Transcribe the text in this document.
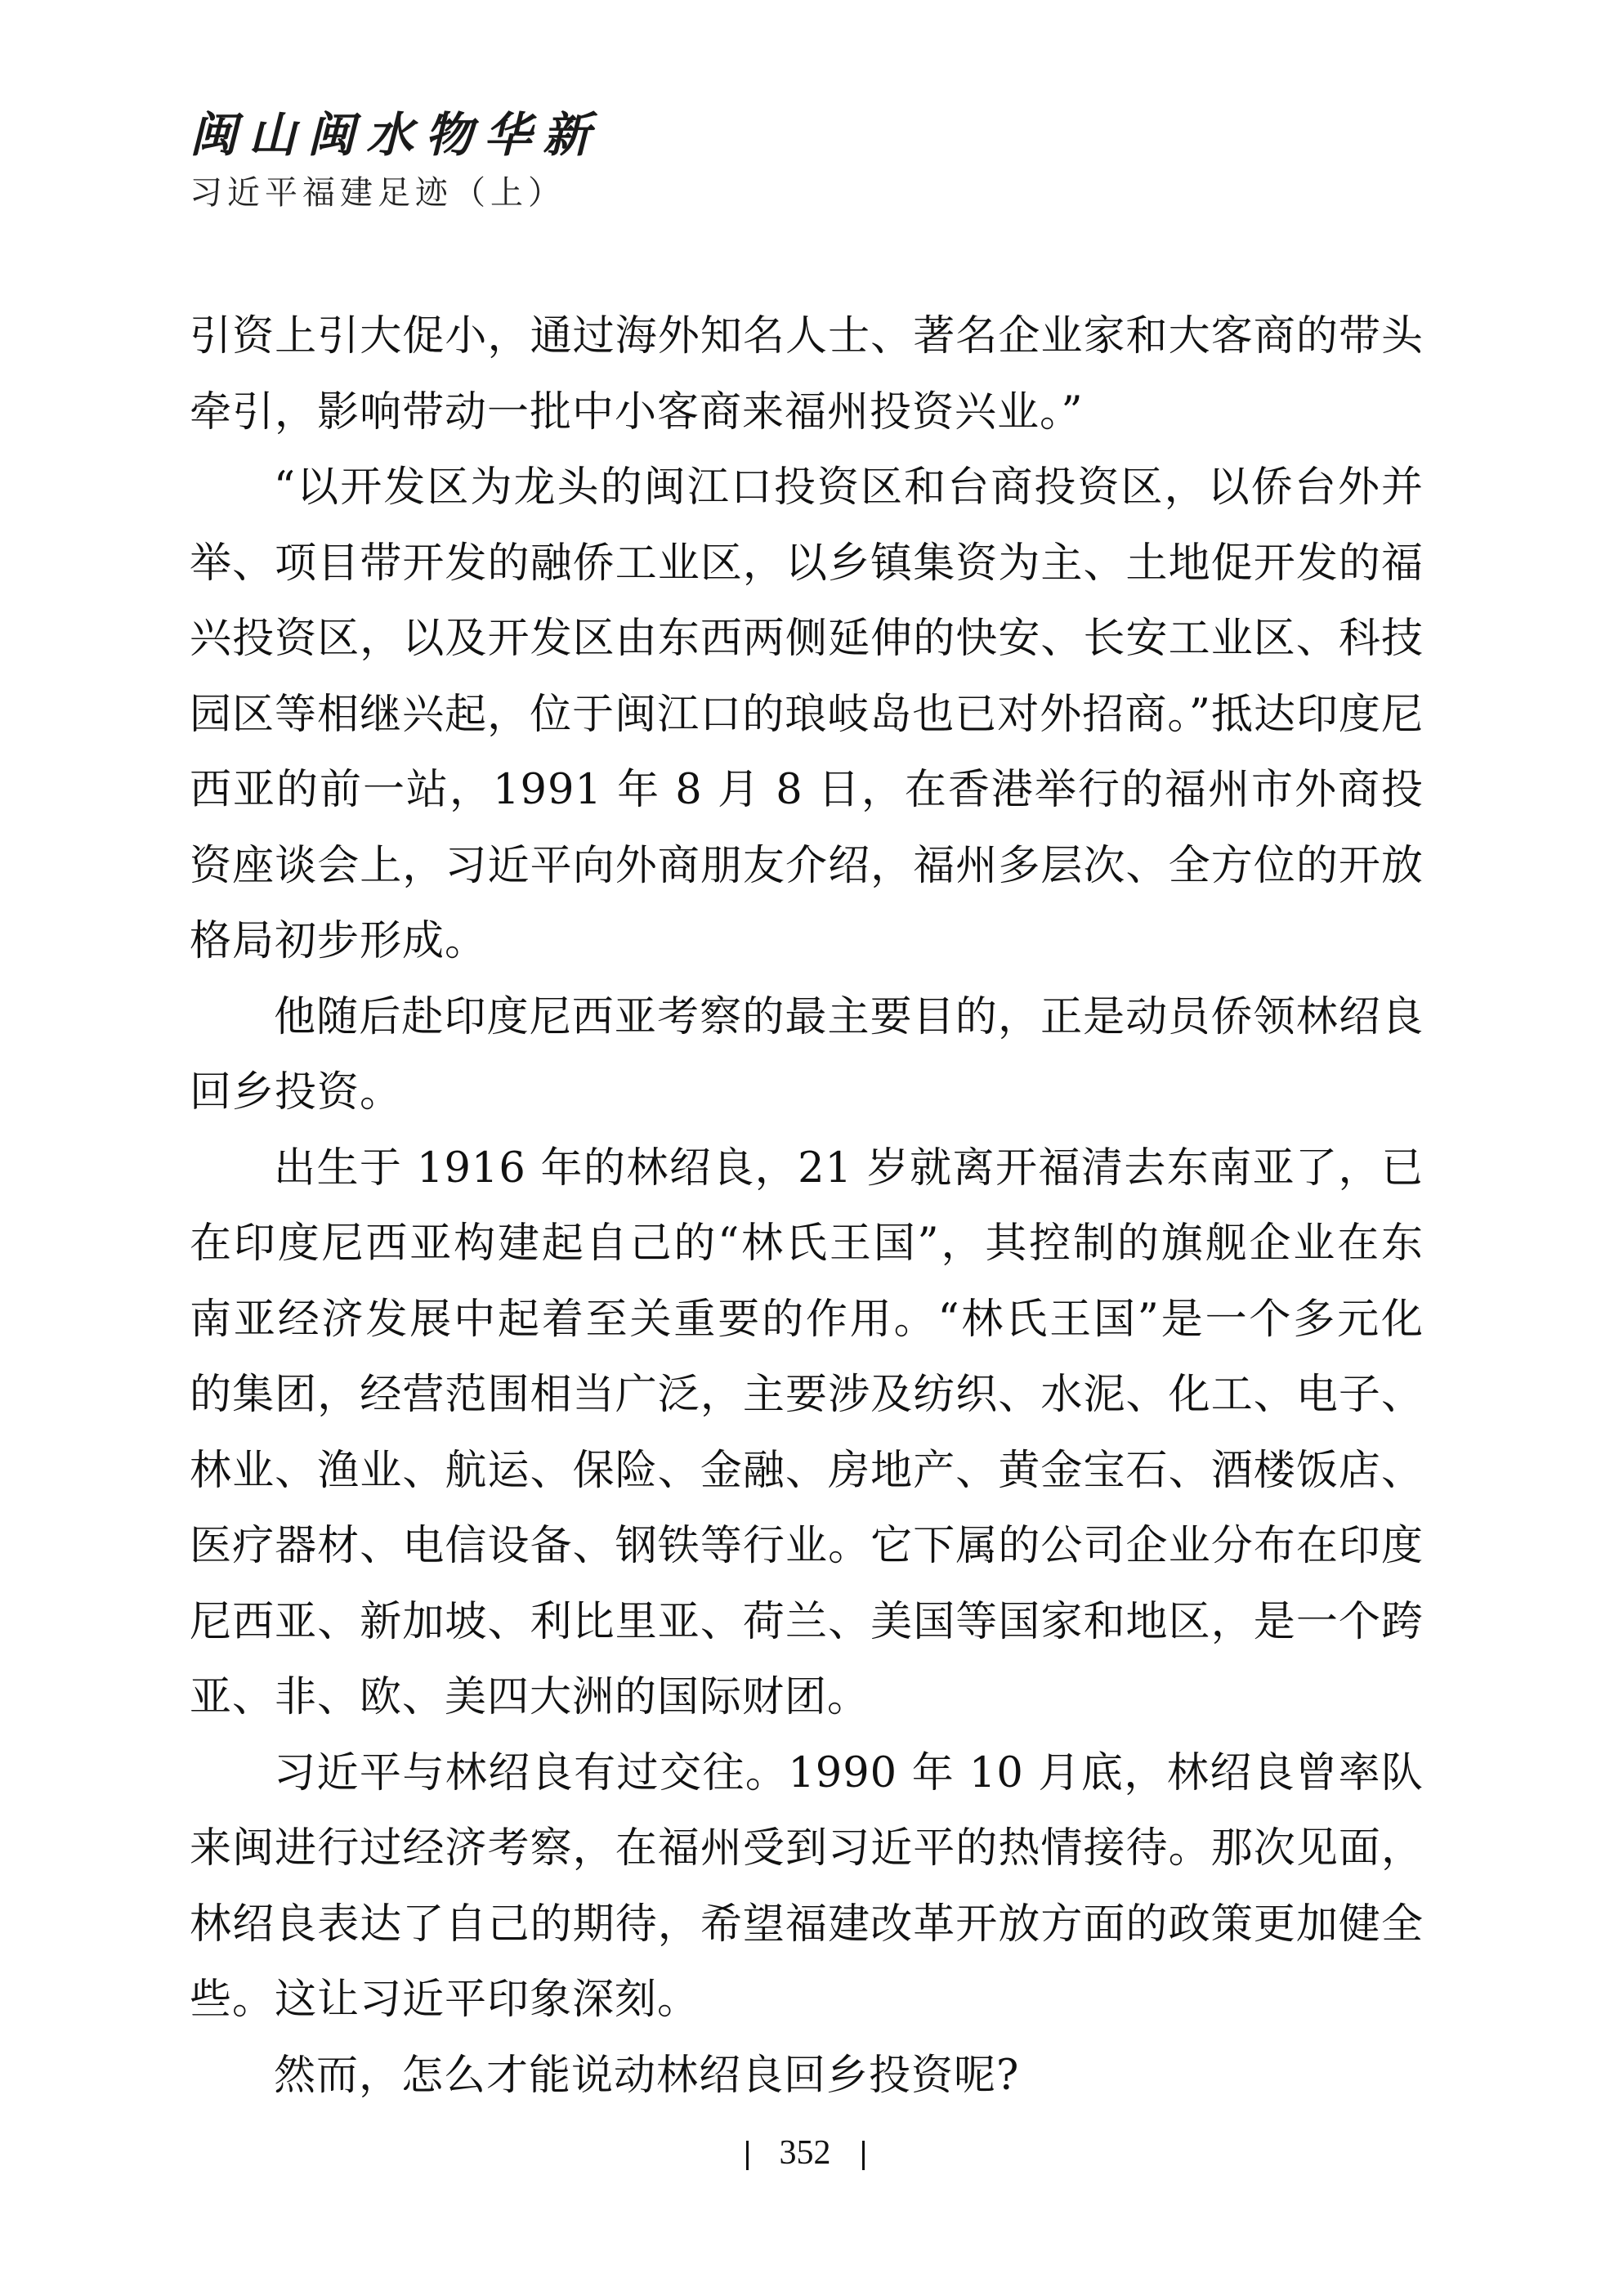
闽山闽水物华新
习近平福建足迹（上）

引资上引大促小，通过海外知名人士、著名企业家和大客商的带头牵引，影响带动一批中小客商来福州投资兴业。”

“以开发区为龙头的闽江口投资区和台商投资区，以侨台外并举、项目带开发的融侨工业区，以乡镇集资为主、土地促开发的福兴投资区，以及开发区由东西两侧延伸的快安、长安工业区、科技园区等相继兴起，位于闽江口的琅岐岛也已对外招商。”抵达印度尼西亚的前一站，1991 年 8 月 8 日，在香港举行的福州市外商投资座谈会上，习近平向外商朋友介绍，福州多层次、全方位的开放格局初步形成。

他随后赴印度尼西亚考察的最主要目的，正是动员侨领林绍良回乡投资。

出生于 1916 年的林绍良，21 岁就离开福清去东南亚了，已在印度尼西亚构建起自己的“林氏王国”，其控制的旗舰企业在东南亚经济发展中起着至关重要的作用。“林氏王国”是一个多元化的集团，经营范围相当广泛，主要涉及纺织、水泥、化工、电子、林业、渔业、航运、保险、金融、房地产、黄金宝石、酒楼饭店、医疗器材、电信设备、钢铁等行业。它下属的公司企业分布在印度尼西亚、新加坡、利比里亚、荷兰、美国等国家和地区，是一个跨亚、非、欧、美四大洲的国际财团。

习近平与林绍良有过交往。1990 年 10 月底，林绍良曾率队来闽进行过经济考察，在福州受到习近平的热情接待。那次见面，林绍良表达了自己的期待，希望福建改革开放方面的政策更加健全些。这让习近平印象深刻。

然而，怎么才能说动林绍良回乡投资呢?

352
